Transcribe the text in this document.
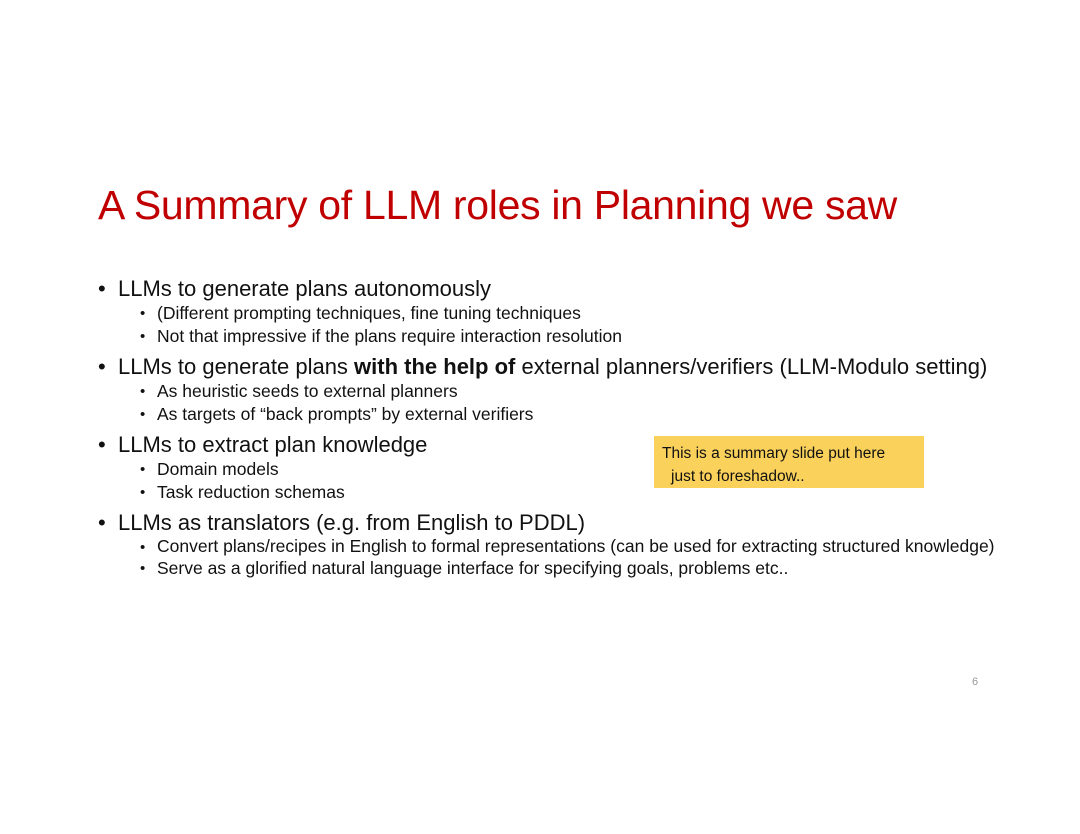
A Summary of LLM roles in Planning we saw
• LLMs to generate plans autonomously
• (Different prompting techniques, fine tuning techniques
• Not that impressive if the plans require interaction resolution
• LLMs to generate plans with the help of external planners/verifiers (LLM-Modulo setting)
• As heuristic seeds to external planners
• As targets of “back prompts” by external verifiers
• LLMs to extract plan knowledge
• Domain models
• Task reduction schemas
• LLMs as translators (e.g. from English to PDDL)
• Convert plans/recipes in English to formal representations (can be used for extracting structured knowledge)
• Serve as a glorified natural language interface for specifying goals, problems etc..
This is a summary slide put here
just to foreshadow..
6
